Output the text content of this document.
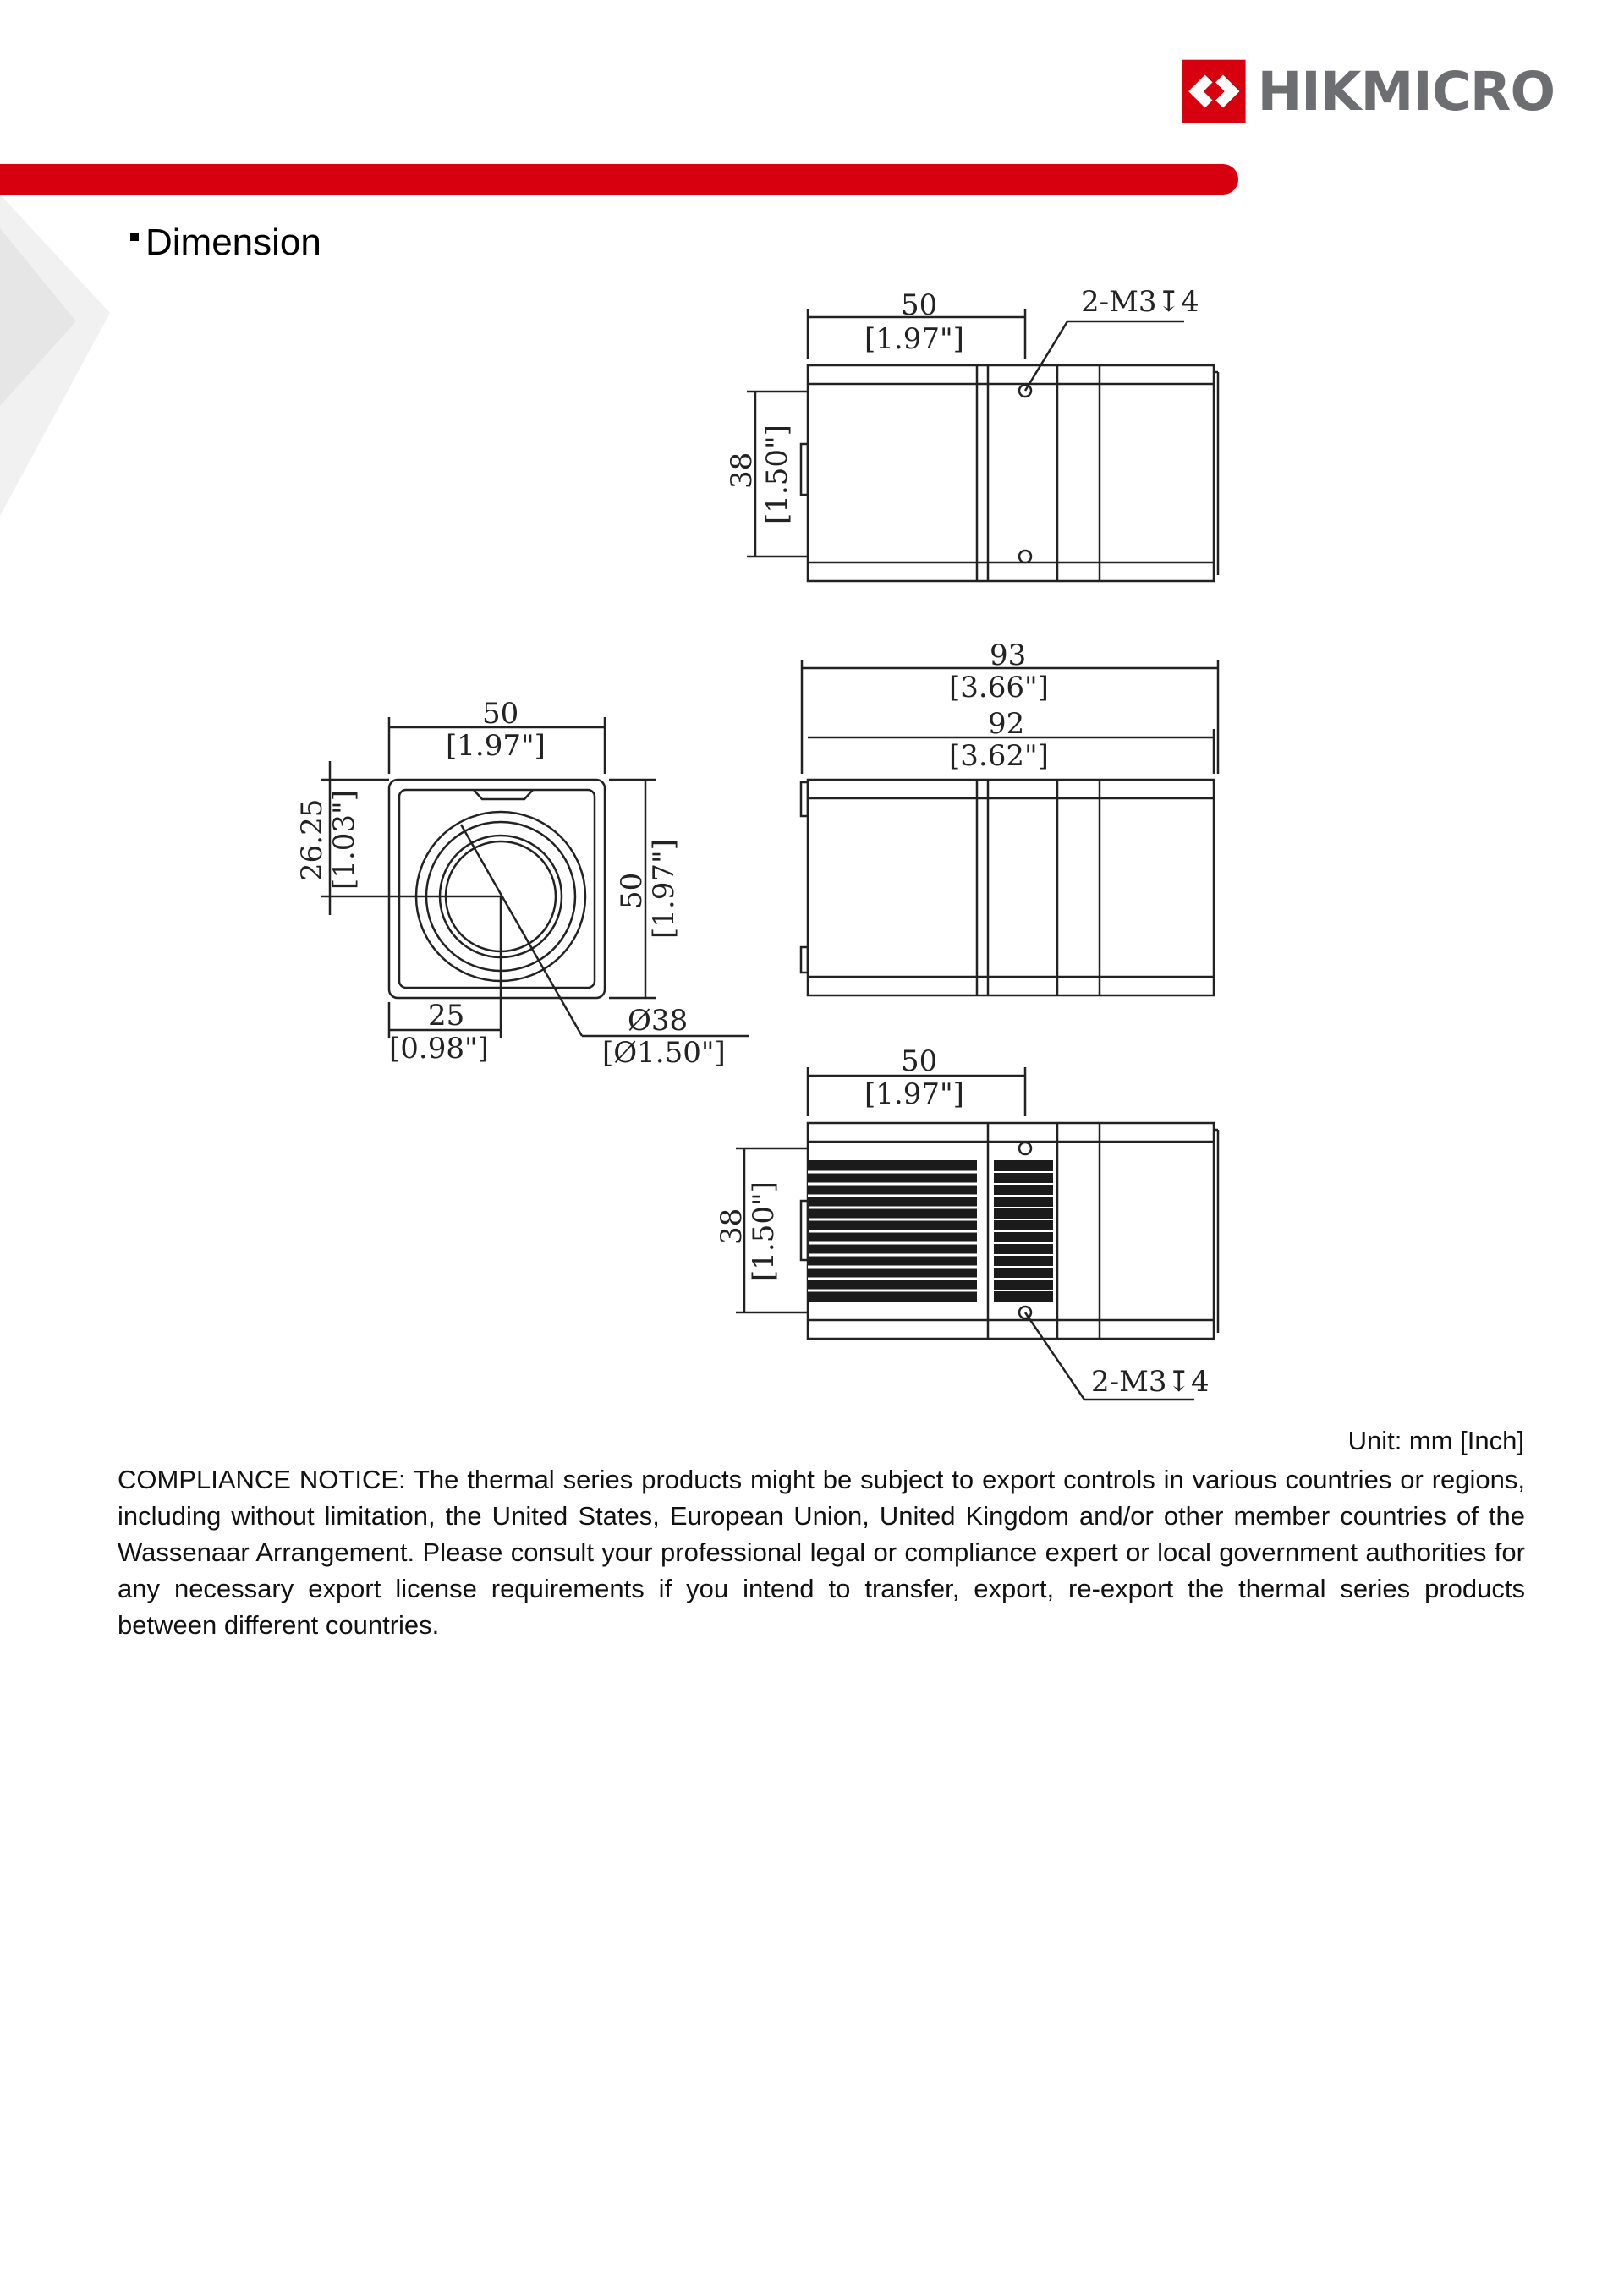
HIKMICRO
Dimension
50
[1.97"]
2-M3↧4
38 [1.50"]
50
[1.97"]
50
[1.97"]
26.25
[1.03"]
25
[0.98"]
Ø38
[Ø1.50"]
93
[3.66"]
92
[3.62"]
50
[1.97"]
38
[1.50"]
2-M3↧4
Unit: mm [Inch]
COMPLIANCE NOTICE: The thermal series products might be subject to export controls in various countries or regions, including without limitation, the United States, European Union, United Kingdom and/or other member countries of the Wassenaar Arrangement. Please consult your professional legal or compliance expert or local government authorities for any necessary export license requirements if you intend to transfer, export, re-export the thermal series products between different countries.
